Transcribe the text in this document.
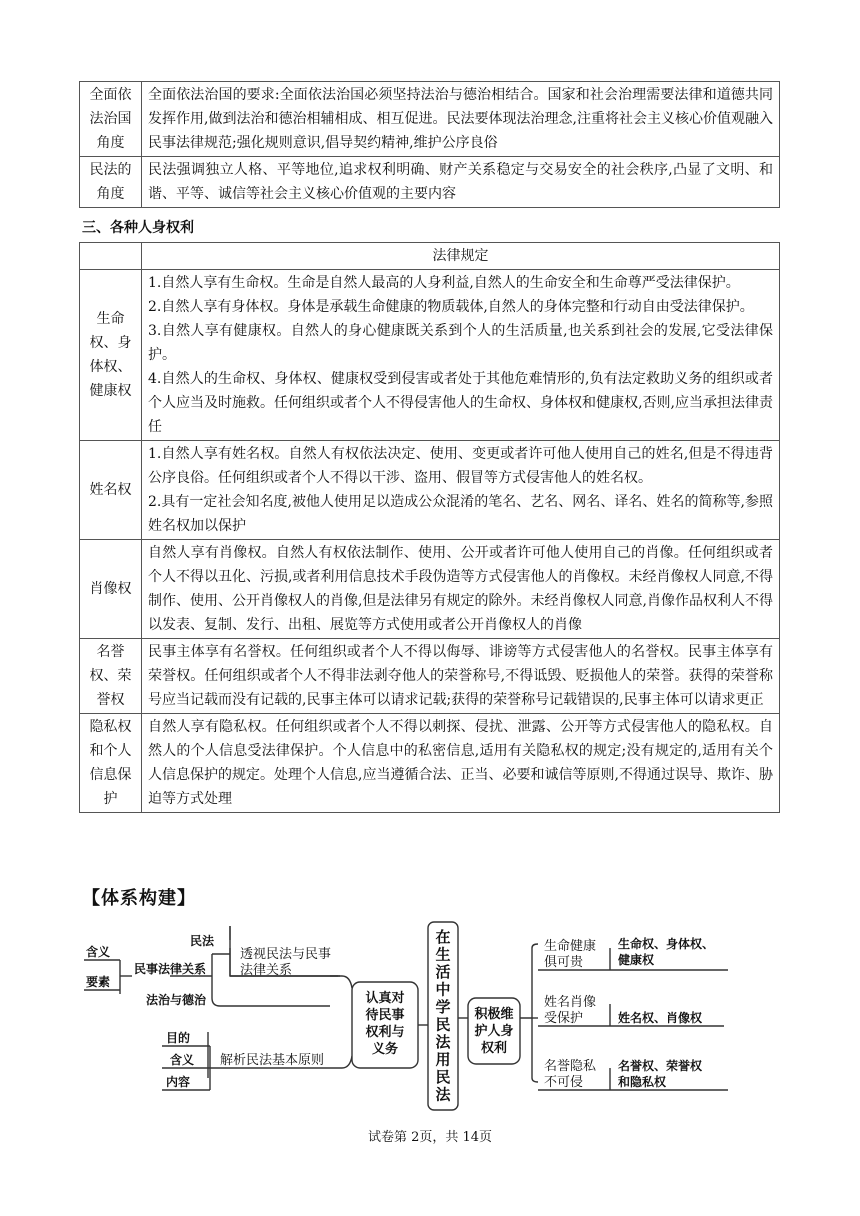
全面依法治国角度	全面依法治国的要求:全面依法治国必须坚持法治与德治相结合。国家和社会治理需要法律和道德共同发挥作用,做到法治和德治相辅相成、相互促进。民法要体现法治理念,注重将社会主义核心价值观融入民事法律规范;强化规则意识,倡导契约精神,维护公序良俗
民法的角度	民法强调独立人格、平等地位,追求权利明确、财产关系稳定与交易安全的社会秩序,凸显了文明、和谐、平等、诚信等社会主义核心价值观的主要内容
三、各种人身权利
	法律规定
生命权、身体权、健康权	1.自然人享有生命权。生命是自然人最高的人身利益,自然人的生命安全和生命尊严受法律保护。
2.自然人享有身体权。身体是承载生命健康的物质载体,自然人的身体完整和行动自由受法律保护。
3.自然人享有健康权。自然人的身心健康既关系到个人的生活质量,也关系到社会的发展,它受法律保护。
4.自然人的生命权、身体权、健康权受到侵害或者处于其他危难情形的,负有法定救助义务的组织或者个人应当及时施救。任何组织或者个人不得侵害他人的生命权、身体权和健康权,否则,应当承担法律责任

姓名权	1.自然人享有姓名权。自然人有权依法决定、使用、变更或者许可他人使用自己的姓名,但是不得违背公序良俗。任何组织或者个人不得以干涉、盗用、假冒等方式侵害他人的姓名权。
2.具有一定社会知名度,被他人使用足以造成公众混淆的笔名、艺名、网名、译名、姓名的简称等,参照姓名权加以保护

肖像权	自然人享有肖像权。自然人有权依法制作、使用、公开或者许可他人使用自己的肖像。任何组织或者个人不得以丑化、污损,或者利用信息技术手段伪造等方式侵害他人的肖像权。未经肖像权人同意,不得制作、使用、公开肖像权人的肖像,但是法律另有规定的除外。未经肖像权人同意,肖像作品权利人不得以发表、复制、发行、出租、展览等方式使用或者公开肖像权人的肖像

名誉权、荣誉权	民事主体享有名誉权。任何组织或者个人不得以侮辱、诽谤等方式侵害他人的名誉权。民事主体享有荣誉权。任何组织或者个人不得非法剥夺他人的荣誉称号,不得诋毁、贬损他人的荣誉。获得的荣誉称号应当记载而没有记载的,民事主体可以请求记载;获得的荣誉称号记载错误的,民事主体可以请求更正

隐私权和个人信息保护	自然人享有隐私权。任何组织或者个人不得以刺探、侵扰、泄露、公开等方式侵害他人的隐私权。自然人的个人信息受法律保护。个人信息中的私密信息,适用有关隐私权的规定;没有规定的,适用有关个人信息保护的规定。处理个人信息,应当遵循合法、正当、必要和诚信等原则,不得通过误导、欺诈、胁迫等方式处理
【体系构建】
含义
要素
民事法律关系
民法
法治与德治
目的
含义
内容
透视民法与民事
法律关系
解析民法基本原则
认真对
待民事
权利与
义务
积极维
护人身
权利
在
生
活
中
学
民
法
用
民
法
生命健康
俱可贵
姓名肖像
受保护
名誉隐私
不可侵
生命权、身体权、
健康权
姓名权、肖像权
名誉权、荣誉权
和隐私权
试卷第 2页，共 14页
